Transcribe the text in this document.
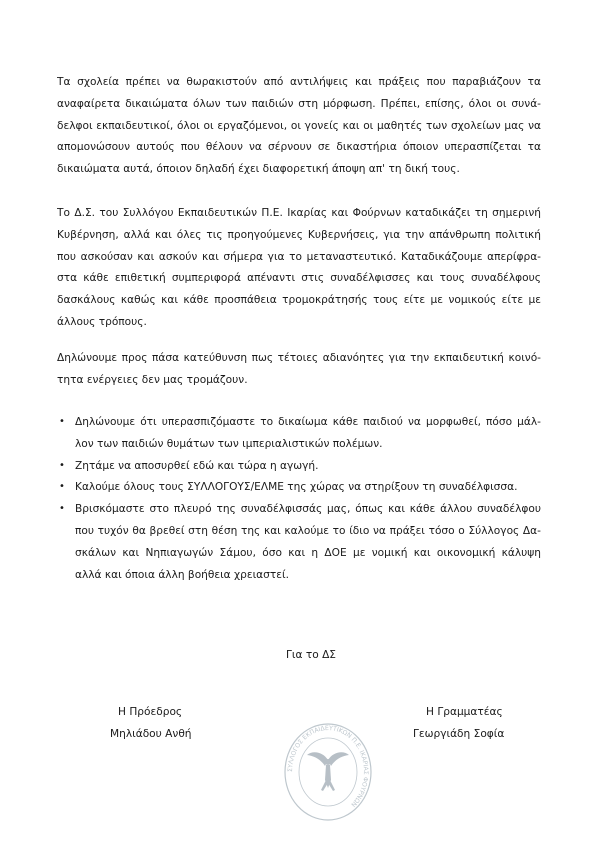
Τα σχολεία πρέπει να θωρακιστούν από αντιλήψεις και πράξεις που παραβιάζουν τα
αναφαίρετα δικαιώματα όλων των παιδιών στη μόρφωση. Πρέπει, επίσης, όλοι οι συνά-
δελφοι εκπαιδευτικοί, όλοι οι εργαζόμενοι, οι γονείς και οι μαθητές των σχολείων μας να
απομονώσουν αυτούς που θέλουν να σέρνουν σε δικαστήρια όποιον υπερασπίζεται τα
δικαιώματα αυτά, όποιον δηλαδή έχει διαφορετική άποψη απ' τη δική τους.
Το Δ.Σ. του Συλλόγου Εκπαιδευτικών Π.Ε. Ικαρίας και Φούρνων καταδικάζει τη σημερινή
Κυβέρνηση, αλλά και όλες τις προηγούμενες Κυβερνήσεις, για την απάνθρωπη πολιτική
που ασκούσαν και ασκούν και σήμερα για το μεταναστευτικό. Καταδικάζουμε απερίφρα-
στα κάθε επιθετική συμπεριφορά απέναντι στις συναδέλφισσες και τους συναδέλφους
δασκάλους καθώς και κάθε προσπάθεια τρομοκράτησής τους είτε με νομικούς είτε με
άλλους τρόπους.
Δηλώνουμε προς πάσα κατεύθυνση πως τέτοιες αδιανόητες για την εκπαιδευτική κοινό-
τητα ενέργειες δεν μας τρομάζουν.
• Δηλώνουμε ότι υπερασπιζόμαστε το δικαίωμα κάθε παιδιού να μορφωθεί, πόσο μάλ-
λον των παιδιών θυμάτων των ιμπεριαλιστικών πολέμων.
• Ζητάμε να αποσυρθεί εδώ και τώρα η αγωγή.
• Καλούμε όλους τους ΣΥΛΛΟΓΟΥΣ/ΕΛΜΕ της χώρας να στηρίξουν τη συναδέλφισσα.
• Βρισκόμαστε στο πλευρό της συναδέλφισσάς μας, όπως και κάθε άλλου συναδέλφου
που τυχόν θα βρεθεί στη θέση της και καλούμε το ίδιο να πράξει τόσο ο Σύλλογος Δα-
σκάλων και Νηπιαγωγών Σάμου, όσο και η ΔΟΕ με νομική και οικονομική κάλυψη
αλλά και όποια άλλη βοήθεια χρειαστεί.
Για το ΔΣ
Η Πρόεδρος
Μηλιάδου Ανθή
Η Γραμματέας
Γεωργιάδη Σοφία
ΣΥΛΛΟΓΟΣ ΕΚΠΑΙΔΕΥΤΙΚΩΝ Π.Ε. ΙΚΑΡΙΑΣ ΦΟΥΡΝΩΝ
